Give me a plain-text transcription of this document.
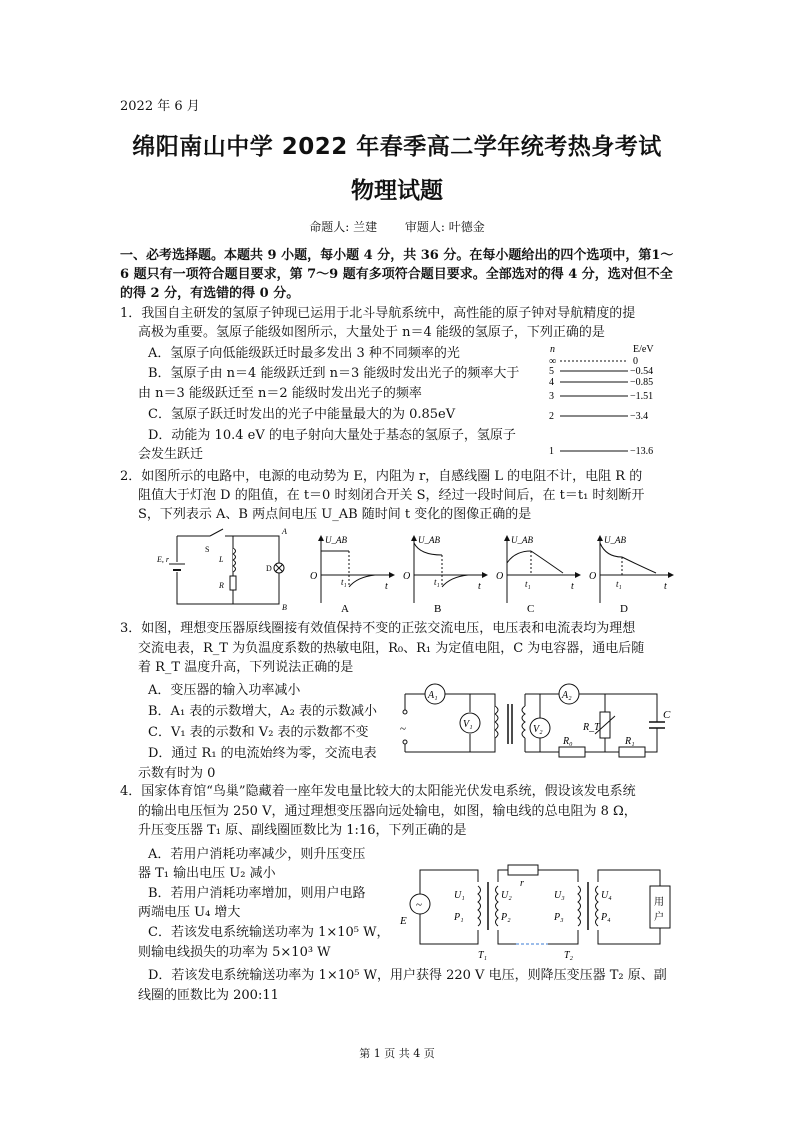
2022 年 6 月
绵阳南山中学 2022 年春季高二学年统考热身考试
物理试题
命题人: 兰建 审题人: 叶德金
一、必考选择题。本题共 9 小题，每小题 4 分，共 36 分。在每小题给出的四个选项中，第1～6 题只有一项符合题目要求，第 7～9 题有多项符合题目要求。全部选对的得 4 分，选对但不全的得 2 分，有选错的得 0 分。
1．我国自主研发的氢原子钟现已运用于北斗导航系统中，高性能的原子钟对导航精度的提
高极为重要。氢原子能级如图所示，大量处于 n＝4 能级的氢原子，下列正确的是
A．氢原子向低能级跃迁时最多发出 3 种不同频率的光
B．氢原子由 n＝4 能级跃迁到 n＝3 能级时发出光子的频率大于
由 n＝3 能级跃迁至 n＝2 能级时发出光子的频率
C．氢原子跃迁时发出的光子中能量最大的为 0.85eV
D．动能为 10.4 eV 的电子射向大量处于基态的氢原子，氢原子
会发生跃迁
n	E/eV
∞	0
5	−0.54
4	−0.85
3	−1.51
2	−3.4
1	−13.6
2．如图所示的电路中，电源的电动势为 E，内阻为 r，自感线圈 L 的电阻不计，电阻 R 的
阻值大于灯泡 D 的阻值，在 t＝0 时刻闭合开关 S，经过一段时间后，在 t＝t₁ 时刻断开
S，下列表示 A、B 两点间电压 U_AB 随时间 t 变化的图像正确的是
E, r
S
L
R
D
A
B
U_AB
O	t₁	t
A
U_AB
O	t₁	t
B
U_AB
O
t₁	t
C
U_AB
O
t₁	t
D
3．如图，理想变压器原线圈接有效值保持不变的正弦交流电压，电压表和电流表均为理想
交流电表，R_T 为负温度系数的热敏电阻，R₀、R₁ 为定值电阻，C 为电容器，通电后随
着 R_T 温度升高，下列说法正确的是
A．变压器的输入功率减小
B．A₁ 表的示数增大，A₂ 表的示数减小
C．V₁ 表的示数和 V₂ 表的示数都不变
D．通过 R₁ 的电流始终为零，交流电表
示数有时为 0
A₁
~	V₁
A₂
V₂
R₀
R_T
R₁
C
4．国家体育馆“鸟巢”隐藏着一座年发电量比较大的太阳能光伏发电系统，假设该发电系统
的输出电压恒为 250 V，通过理想变压器向远处输电，如图，输电线的总电阻为 8 Ω，
升压变压器 T₁ 原、副线圈匝数比为 1:16，下列正确的是
A．若用户消耗功率减少，则升压变压
器 T₁ 输出电压 U₂ 减小
B．若用户消耗功率增加，则用户电路
两端电压 U₄ 增大
C．若该发电系统输送功率为 1×10⁵ W，
则输电线损失的功率为 5×10³ W
D．若该发电系统输送功率为 1×10⁵ W，用户获得 220 V 电压，则降压变压器 T₂ 原、副
线圈的匝数比为 200:11
~
E
U₁
P₁
U₂
P₂
r
T₁	T₂
U₃
P₃
U₄
P₄
用
户
第 1 页 共 4 页
